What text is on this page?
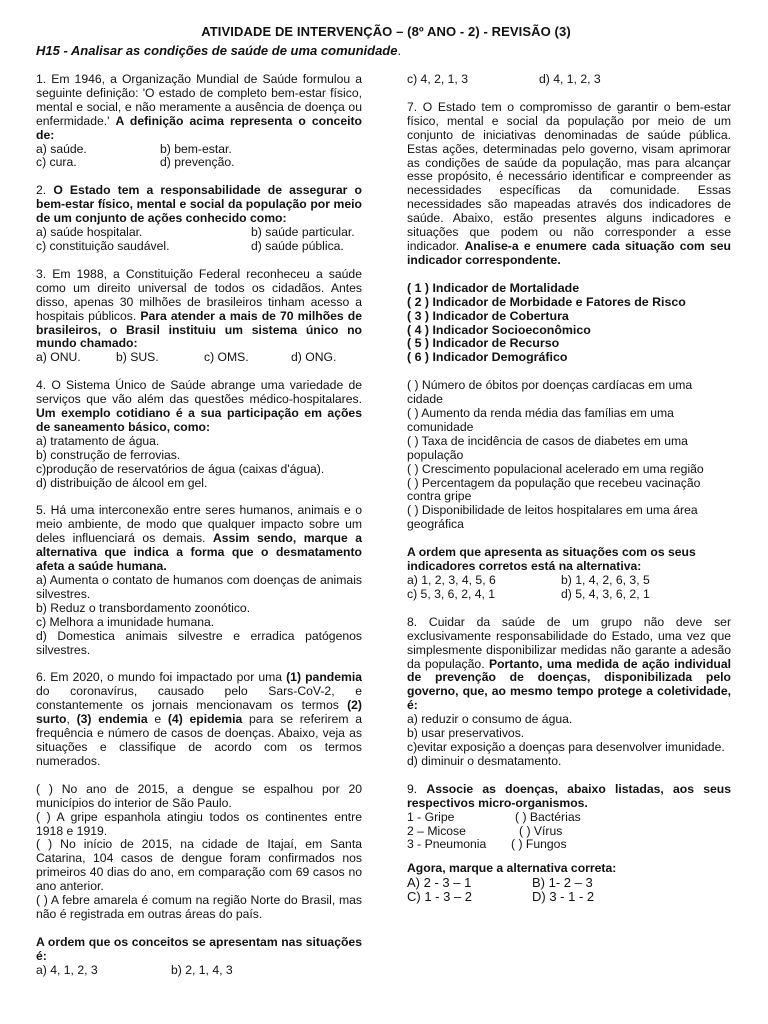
ATIVIDADE DE INTERVENÇÃO – (8º ANO - 2) - REVISÃO (3)

H15 - Analisar as condições de saúde de uma comunidade.

1. Em 1946, a Organização Mundial de Saúde formulou a seguinte definição: 'O estado de completo bem-estar físico, mental e social, e não meramente a ausência de doença ou enfermidade.' A definição acima representa o conceito de:

a) saúde.	b) bem-estar.
c) cura.	d) prevenção.

2. O Estado tem a responsabilidade de assegurar o bem-estar físico, mental e social da população por meio de um conjunto de ações conhecido como:

a) saúde hospitalar.	b) saúde particular.
c) constituição saudável.	d) saúde pública.

3. Em 1988, a Constituição Federal reconheceu a saúde como um direito universal de todos os cidadãos. Antes disso, apenas 30 milhões de brasileiros tinham acesso a hospitais públicos. Para atender a mais de 70 milhões de brasileiros, o Brasil instituiu um sistema único no mundo chamado:

a) ONU.	b) SUS.	c) OMS.	d) ONG.

4. O Sistema Único de Saúde abrange uma variedade de serviços que vão além das questões médico-hospitalares. Um exemplo cotidiano é a sua participação em ações de saneamento básico, como:

a) tratamento de água.

b) construção de ferrovias.

c)produção de reservatórios de água (caixas d'água).

d) distribuição de álcool em gel.

5. Há uma interconexão entre seres humanos, animais e o meio ambiente, de modo que qualquer impacto sobre um deles influenciará os demais. Assim sendo, marque a alternativa que indica a forma que o desmatamento afeta a saúde humana.

a) Aumenta o contato de humanos com doenças de animais silvestres.

b) Reduz o transbordamento zoonótico.

c) Melhora a imunidade humana.

d) Domestica animais silvestre e erradica patógenos silvestres.

6. Em 2020, o mundo foi impactado por uma (1) pandemia do coronavírus, causado pelo Sars-CoV-2, e constantemente os jornais mencionavam os termos (2) surto, (3) endemia e (4) epidemia para se referirem a frequência e número de casos de doenças. Abaixo, veja as situações e classifique de acordo com os termos numerados.

( ) No ano de 2015, a dengue se espalhou por 20 municípios do interior de São Paulo.
( ) A gripe espanhola atingiu todos os continentes entre 1918 e 1919.
( ) No início de 2015, na cidade de Itajaí, em Santa Catarina, 104 casos de dengue foram confirmados nos primeiros 40 dias do ano, em comparação com 69 casos no ano anterior.
( ) A febre amarela é comum na região Norte do Brasil, mas não é registrada em outras áreas do país.

A ordem que os conceitos se apresentam nas situações é:

a) 4, 1, 2, 3	b) 2, 1, 4, 3
c) 4, 2, 1, 3	d) 4, 1, 2, 3

7. O Estado tem o compromisso de garantir o bem-estar físico, mental e social da população por meio de um conjunto de iniciativas denominadas de saúde pública. Estas ações, determinadas pelo governo, visam aprimorar as condições de saúde da população, mas para alcançar esse propósito, é necessário identificar e compreender as necessidades específicas da comunidade. Essas necessidades são mapeadas através dos indicadores de saúde. Abaixo, estão presentes alguns indicadores e situações que podem ou não corresponder a esse indicador. Analise-a e enumere cada situação com seu indicador correspondente.

( 1 ) Indicador de Mortalidade
( 2 ) Indicador de Morbidade e Fatores de Risco
( 3 ) Indicador de Cobertura
( 4 ) Indicador Socioeconômico
( 5 ) Indicador de Recurso
( 6 ) Indicador Demográfico
( ) Número de óbitos por doenças cardíacas em uma cidade
( ) Aumento da renda média das famílias em uma comunidade
( ) Taxa de incidência de casos de diabetes em uma população
( ) Crescimento populacional acelerado em uma região
( ) Percentagem da população que recebeu vacinação contra gripe
( ) Disponibilidade de leitos hospitalares em uma área geográfica

A ordem que apresenta as situações com os seus indicadores corretos está na alternativa:

a) 1, 2, 3, 4, 5, 6	b) 1, 4, 2, 6, 3, 5
c) 5, 3, 6, 2, 4, 1	d) 5, 4, 3, 6, 2, 1

8. Cuidar da saúde de um grupo não deve ser exclusivamente responsabilidade do Estado, uma vez que simplesmente disponibilizar medidas não garante a adesão da população. Portanto, uma medida de ação individual de prevenção de doenças, disponibilizada pelo governo, que, ao mesmo tempo protege a coletividade, é:

a) reduzir o consumo de água.

b) usar preservativos.

c)evitar exposição a doenças para desenvolver imunidade.

d) diminuir o desmatamento.

9. Associe as doenças, abaixo listadas, aos seus respectivos micro-organismos.

1 - Gripe	( ) Bactérias
2 – Micose	( ) Vírus
3 - Pneumonia	( ) Fungos

Agora, marque a alternativa correta:

A) 2 - 3 – 1	B) 1- 2 – 3
C) 1 - 3 – 2	D) 3 - 1 - 2
